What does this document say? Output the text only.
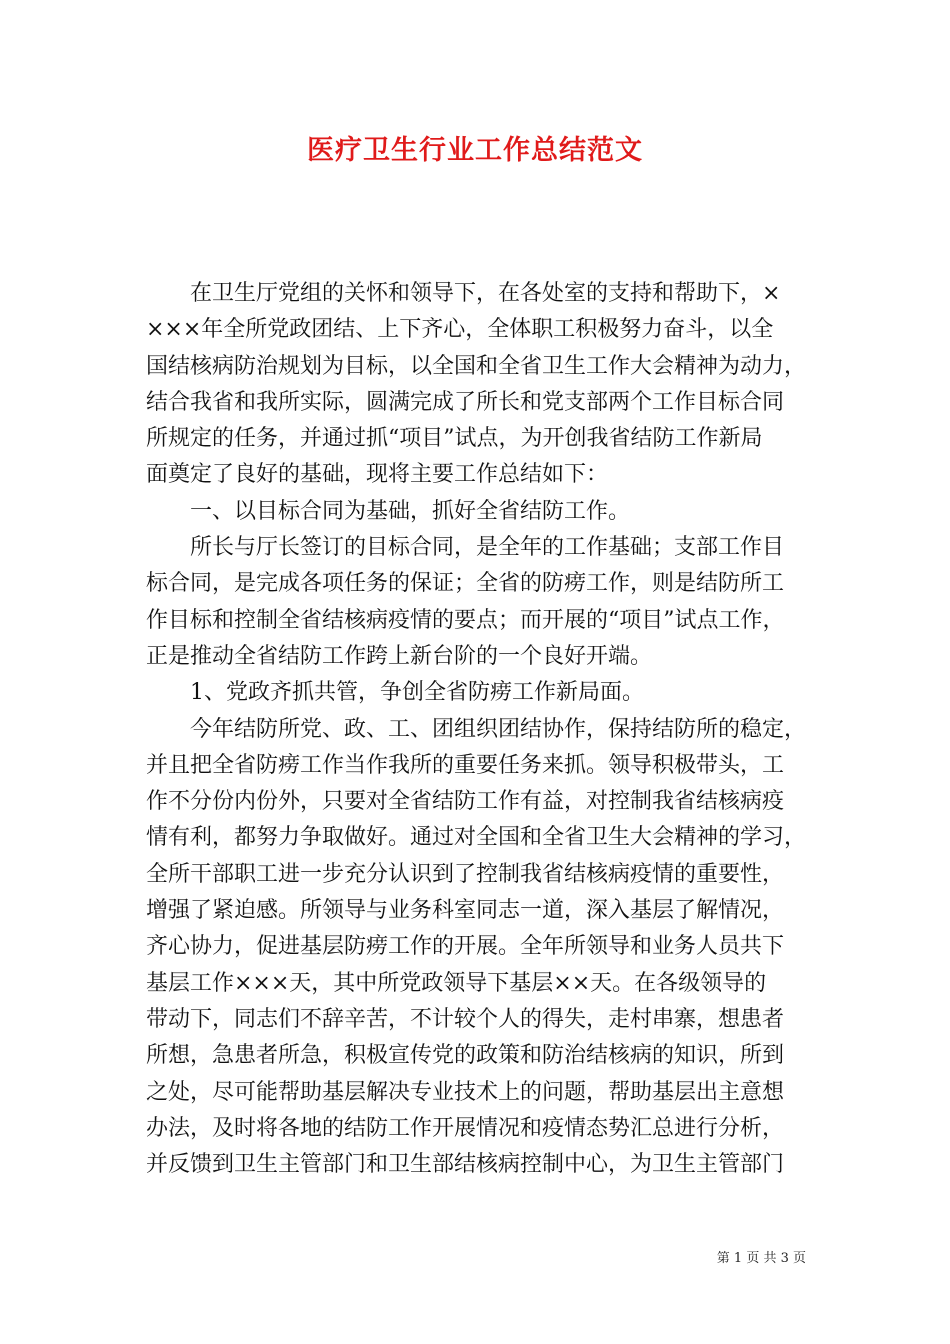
医疗卫生行业工作总结范文
　　在卫生厅党组的关怀和领导下，在各处室的支持和帮助下，×
×××年全所党政团结、上下齐心，全体职工积极努力奋斗，以全
国结核病防治规划为目标，以全国和全省卫生工作大会精神为动力，
结合我省和我所实际，圆满完成了所长和党支部两个工作目标合同
所规定的任务，并通过抓“项目”试点，为开创我省结防工作新局
面奠定了良好的基础，现将主要工作总结如下：
　　一、以目标合同为基础，抓好全省结防工作。
　　所长与厅长签订的目标合同，是全年的工作基础；支部工作目
标合同，是完成各项任务的保证；全省的防痨工作，则是结防所工
作目标和控制全省结核病疫情的要点；而开展的“项目”试点工作，
正是推动全省结防工作跨上新台阶的一个良好开端。
　　1、党政齐抓共管，争创全省防痨工作新局面。
　　今年结防所党、政、工、团组织团结协作，保持结防所的稳定，
并且把全省防痨工作当作我所的重要任务来抓。领导积极带头，工
作不分份内份外，只要对全省结防工作有益，对控制我省结核病疫
情有利，都努力争取做好。通过对全国和全省卫生大会精神的学习，
全所干部职工进一步充分认识到了控制我省结核病疫情的重要性，
增强了紧迫感。所领导与业务科室同志一道，深入基层了解情况，
齐心协力，促进基层防痨工作的开展。全年所领导和业务人员共下
基层工作×××天，其中所党政领导下基层××天。在各级领导的
带动下，同志们不辞辛苦，不计较个人的得失，走村串寨，想患者
所想，急患者所急，积极宣传党的政策和防治结核病的知识，所到
之处，尽可能帮助基层解决专业技术上的问题，帮助基层出主意想
办法，及时将各地的结防工作开展情况和疫情态势汇总进行分析，
并反馈到卫生主管部门和卫生部结核病控制中心，为卫生主管部门
第 1 页 共 3 页
